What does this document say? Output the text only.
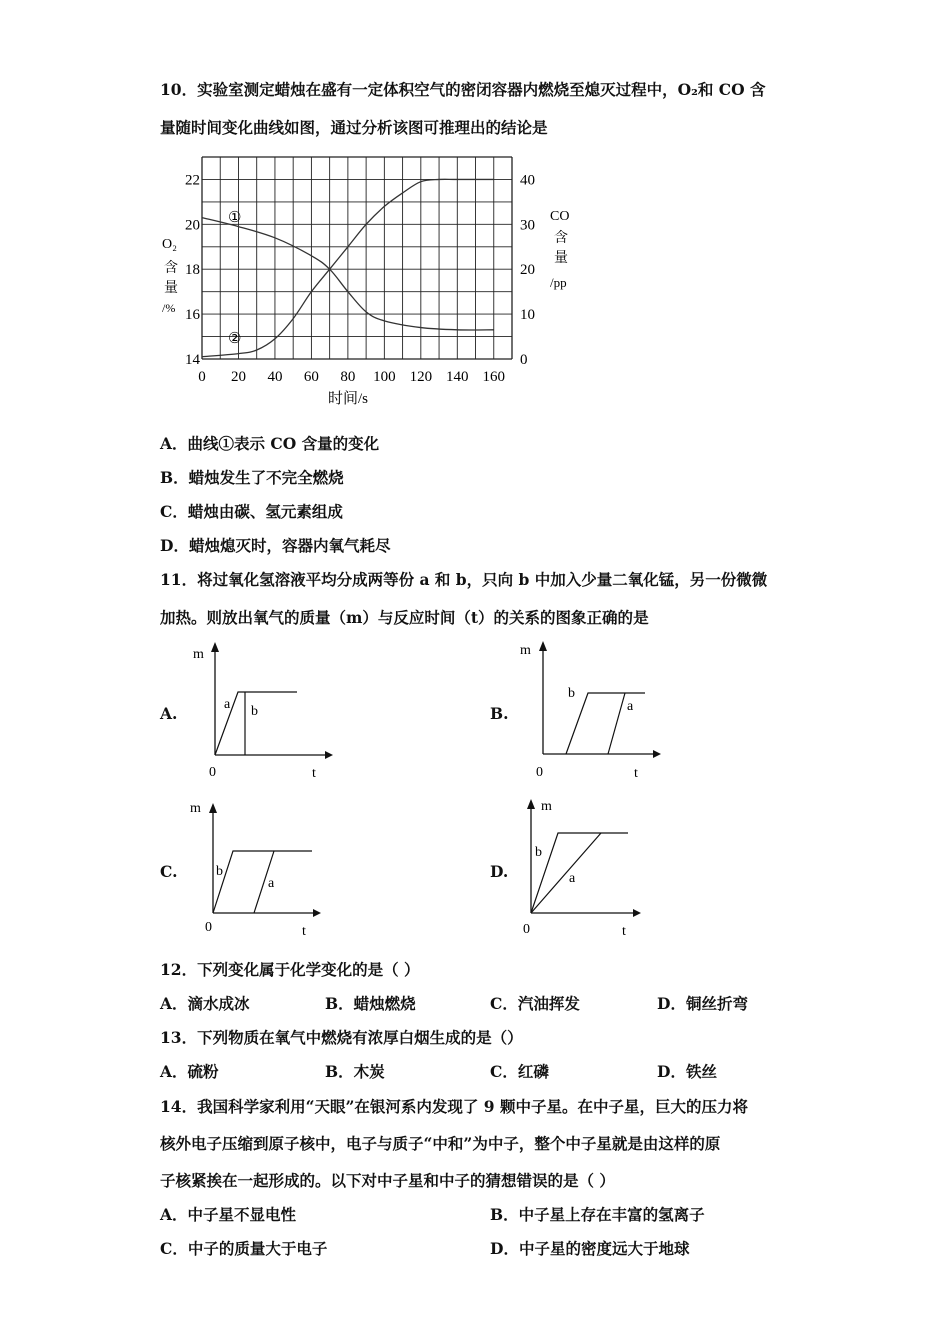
10．实验室测定蜡烛在盛有一定体积空气的密闭容器内燃烧至熄灭过程中，O₂和 CO 含
量随时间变化曲线如图，通过分析该图可推理出的结论是
0 20 40 60 80 100 120 140 160
14
16
18
20
22
0
10
20
30
40
①
②
O₂
含
量
/%
CO
含
量
/pp
时间/s
A．曲线①表示 CO 含量的变化
B．蜡烛发生了不完全燃烧
C．蜡烛由碳、氢元素组成
D．蜡烛熄灭时，容器内氧气耗尽
11．将过氧化氢溶液平均分成两等份 a 和 b，只向 b 中加入少量二氧化锰，另一份微微
加热。则放出氧气的质量（m）与反应时间（t）的关系的图象正确的是
A.
m
0	t
a b	B.
m
0	t
b
a
C.
m
0	t
b
a
D.
m
0	t
b
a
12．下列变化属于化学变化的是（ ）
A．滴水成冰	B．蜡烛燃烧	C．汽油挥发	D．铜丝折弯
13．下列物质在氧气中燃烧有浓厚白烟生成的是（）
A．硫粉	B．木炭	C．红磷	D．铁丝
14．我国科学家利用“天眼”在银河系内发现了 9 颗中子星。在中子星，巨大的压力将
核外电子压缩到原子核中，电子与质子“中和”为中子，整个中子星就是由这样的原
子核紧挨在一起形成的。以下对中子星和中子的猜想错误的是（ ）
A．中子星不显电性	B．中子星上存在丰富的氢离子
C．中子的质量大于电子	D．中子星的密度远大于地球
